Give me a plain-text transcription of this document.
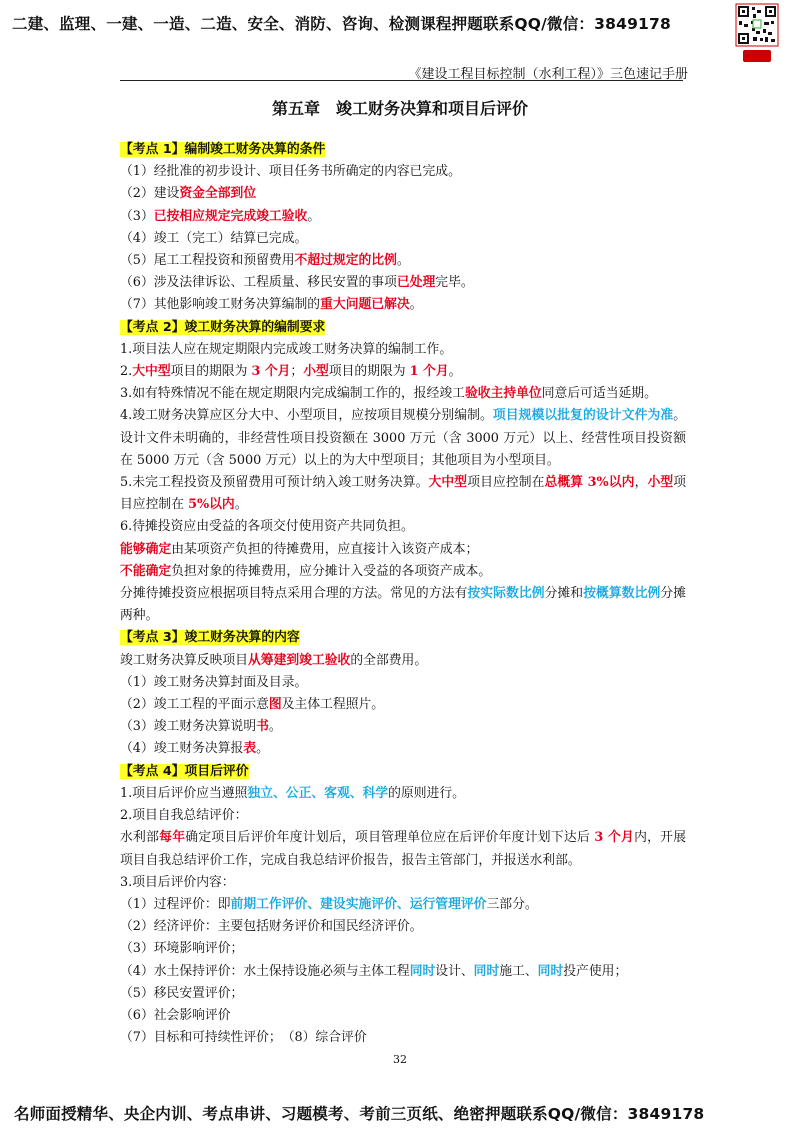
二建、监理、一建、一造、二造、安全、消防、咨询、检测课程押题联系QQ/微信：3849178
《建设工程目标控制（水利工程）》三色速记手册
第五章　竣工财务决算和项目后评价

【考点 1】编制竣工财务决算的条件

（1）经批准的初步设计、项目任务书所确定的内容已完成。

（2）建设资金全部到位

（3）已按相应规定完成竣工验收。

（4）竣工（完工）结算已完成。

（5）尾工工程投资和预留费用不超过规定的比例。

（6）涉及法律诉讼、工程质量、移民安置的事项已处理完毕。

（7）其他影响竣工财务决算编制的重大问题已解决。

【考点 2】竣工财务决算的编制要求

1.项目法人应在规定期限内完成竣工财务决算的编制工作。

2.大中型项目的期限为 3 个月；小型项目的期限为 1 个月。

3.如有特殊情况不能在规定期限内完成编制工作的，报经竣工验收主持单位同意后可适当延期。

4.竣工财务决算应区分大中、小型项目，应按项目规模分别编制。项目规模以批复的设计文件为准。设计文件未明确的，非经营性项目投资额在 3000 万元（含 3000 万元）以上、经营性项目投资额在 5000 万元（含 5000 万元）以上的为大中型项目；其他项目为小型项目。

5.未完工程投资及预留费用可预计纳入竣工财务决算。大中型项目应控制在总概算 3%以内，小型项目应控制在 5%以内。

6.待摊投资应由受益的各项交付使用资产共同负担。

能够确定由某项资产负担的待摊费用，应直接计入该资产成本；

不能确定负担对象的待摊费用，应分摊计入受益的各项资产成本。

分摊待摊投资应根据项目特点采用合理的方法。常见的方法有按实际数比例分摊和按概算数比例分摊两种。

【考点 3】竣工财务决算的内容

竣工财务决算反映项目从筹建到竣工验收的全部费用。

（1）竣工财务决算封面及目录。

（2）竣工工程的平面示意图及主体工程照片。

（3）竣工财务决算说明书。

（4）竣工财务决算报表。

【考点 4】项目后评价

1.项目后评价应当遵照独立、公正、客观、科学的原则进行。

2.项目自我总结评价：

水利部每年确定项目后评价年度计划后，项目管理单位应在后评价年度计划下达后 3 个月内，开展项目自我总结评价工作，完成自我总结评价报告，报告主管部门，并报送水利部。

3.项目后评价内容：

（1）过程评价：即前期工作评价、建设实施评价、运行管理评价三部分。

（2）经济评价：主要包括财务评价和国民经济评价。

（3）环境影响评价；

（4）水土保持评价：水土保持设施必须与主体工程同时设计、同时施工、同时投产使用；

（5）移民安置评价；

（6）社会影响评价

（7）目标和可持续性评价；　（8）综合评价

32
名师面授精华、央企内训、考点串讲、习题模考、考前三页纸、绝密押题联系QQ/微信：3849178
